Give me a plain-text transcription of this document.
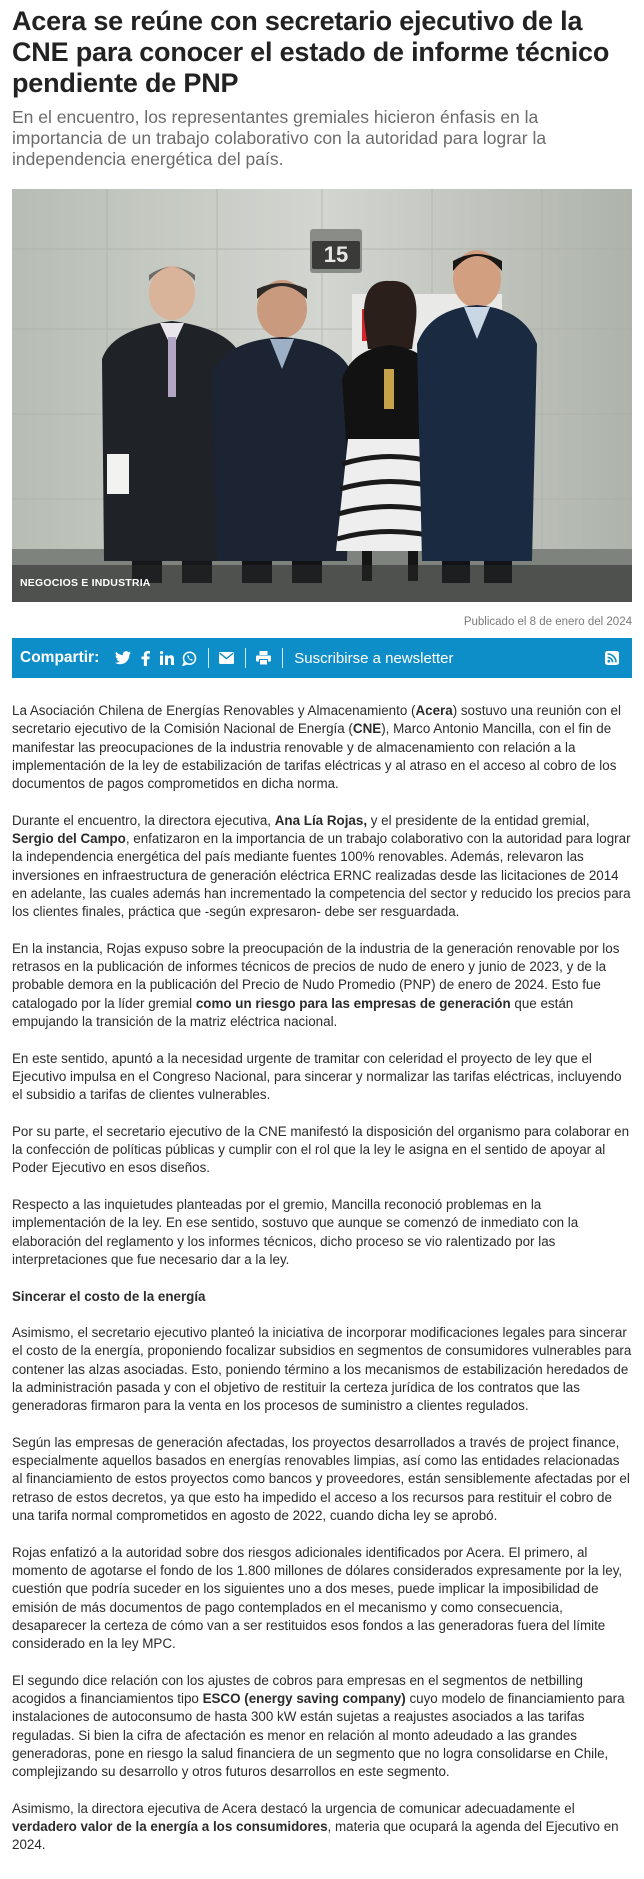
Acera se reúne con secretario ejecutivo de la CNE para conocer el estado de informe técnico pendiente de PNP

En el encuentro, los representantes gremiales hicieron énfasis en la importancia de un trabajo colaborativo con la autoridad para lograr la independencia energética del país.

15
NEGOCIOS E INDUSTRIA

Publicado el 8 de enero del 2024

Compartir:	Suscribirse a newsletter

La Asociación Chilena de Energías Renovables y Almacenamiento (Acera) sostuvo una reunión con el secretario ejecutivo de la Comisión Nacional de Energía (CNE), Marco Antonio Mancilla, con el fin de manifestar las preocupaciones de la industria renovable y de almacenamiento con relación a la implementación de la ley de estabilización de tarifas eléctricas y al atraso en el acceso al cobro de los documentos de pagos comprometidos en dicha norma.

Durante el encuentro, la directora ejecutiva, Ana Lía Rojas, y el presidente de la entidad gremial, Sergio del Campo, enfatizaron en la importancia de un trabajo colaborativo con la autoridad para lograr la independencia energética del país mediante fuentes 100% renovables. Además, relevaron las inversiones en infraestructura de generación eléctrica ERNC realizadas desde las licitaciones de 2014 en adelante, las cuales además han incrementado la competencia del sector y reducido los precios para los clientes finales, práctica que -según expresaron- debe ser resguardada.

En la instancia, Rojas expuso sobre la preocupación de la industria de la generación renovable por los retrasos en la publicación de informes técnicos de precios de nudo de enero y junio de 2023, y de la probable demora en la publicación del Precio de Nudo Promedio (PNP) de enero de 2024. Esto fue catalogado por la líder gremial como un riesgo para las empresas de generación que están empujando la transición de la matriz eléctrica nacional.

En este sentido, apuntó a la necesidad urgente de tramitar con celeridad el proyecto de ley que el Ejecutivo impulsa en el Congreso Nacional, para sincerar y normalizar las tarifas eléctricas, incluyendo el subsidio a tarifas de clientes vulnerables.

Por su parte, el secretario ejecutivo de la CNE manifestó la disposición del organismo para colaborar en la confección de políticas públicas y cumplir con el rol que la ley le asigna en el sentido de apoyar al Poder Ejecutivo en esos diseños.

Respecto a las inquietudes planteadas por el gremio, Mancilla reconoció problemas en la implementación de la ley. En ese sentido, sostuvo que aunque se comenzó de inmediato con la elaboración del reglamento y los informes técnicos, dicho proceso se vio ralentizado por las interpretaciones que fue necesario dar a la ley.

Sincerar el costo de la energía

Asimismo, el secretario ejecutivo planteó la iniciativa de incorporar modificaciones legales para sincerar el costo de la energía, proponiendo focalizar subsidios en segmentos de consumidores vulnerables para contener las alzas asociadas. Esto, poniendo término a los mecanismos de estabilización heredados de la administración pasada y con el objetivo de restituir la certeza jurídica de los contratos que las generadoras firmaron para la venta en los procesos de suministro a clientes regulados.

Según las empresas de generación afectadas, los proyectos desarrollados a través de project finance, especialmente aquellos basados en energías renovables limpias, así como las entidades relacionadas al financiamiento de estos proyectos como bancos y proveedores, están sensiblemente afectadas por el retraso de estos decretos, ya que esto ha impedido el acceso a los recursos para restituir el cobro de una tarifa normal comprometidos en agosto de 2022, cuando dicha ley se aprobó.

Rojas enfatizó a la autoridad sobre dos riesgos adicionales identificados por Acera. El primero, al momento de agotarse el fondo de los 1.800 millones de dólares considerados expresamente por la ley, cuestión que podría suceder en los siguientes uno a dos meses, puede implicar la imposibilidad de emisión de más documentos de pago contemplados en el mecanismo y como consecuencia, desaparecer la certeza de cómo van a ser restituidos esos fondos a las generadoras fuera del límite considerado en la ley MPC.

El segundo dice relación con los ajustes de cobros para empresas en el segmentos de netbilling acogidos a financiamientos tipo ESCO (energy saving company) cuyo modelo de financiamiento para instalaciones de autoconsumo de hasta 300 kW están sujetas a reajustes asociados a las tarifas reguladas. Si bien la cifra de afectación es menor en relación al monto adeudado a las grandes generadoras, pone en riesgo la salud financiera de un segmento que no logra consolidarse en Chile, complejizando su desarrollo y otros futuros desarrollos en este segmento.

Asimismo, la directora ejecutiva de Acera destacó la urgencia de comunicar adecuadamente el verdadero valor de la energía a los consumidores, materia que ocupará la agenda del Ejecutivo en 2024.
